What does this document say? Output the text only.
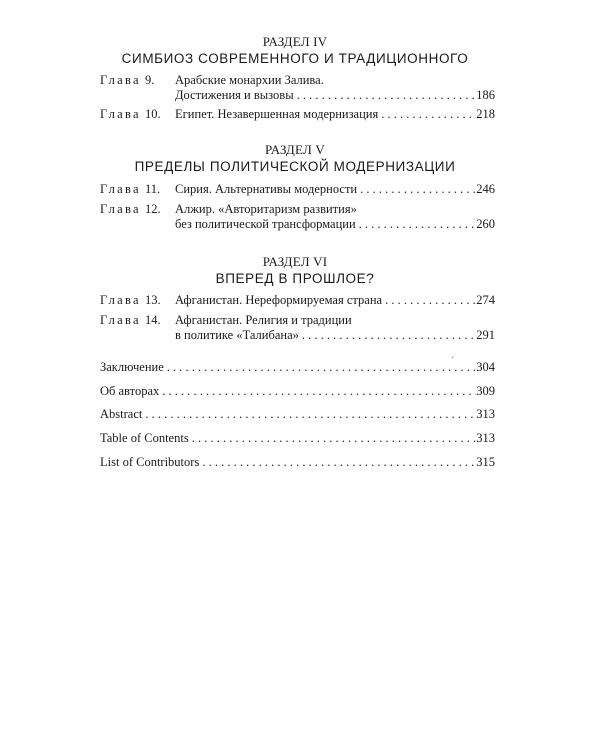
РАЗДЕЛ IV
СИМБИОЗ СОВРЕМЕННОГО И ТРАДИЦИОННОГО
Глава 9. Арабские монархии Залива.
Достижения и вызовы . . .	186
Глава 10. Египет. Незавершенная модернизация . . .	218
РАЗДЕЛ V
ПРЕДЕЛЫ ПОЛИТИЧЕСКОЙ МОДЕРНИЗАЦИИ
Глава 11. Сирия. Альтернативы модерности . . .	246
Глава 12. Алжир. «Авторитаризм развития»
без политической трансформации . . .	260
РАЗДЕЛ VI
ВПЕРЕД В ПРОШЛОЕ?
Глава 13. Афганистан. Нереформируемая страна . . .	274
Глава 14. Афганистан. Религия и традиции
в политике «Талибана» . . .	291
·
Заключение . . .	304
Об авторах . . .	309
Abstract . . .	313
Table of Contents . . .	313
List of Contributors . . .	315
